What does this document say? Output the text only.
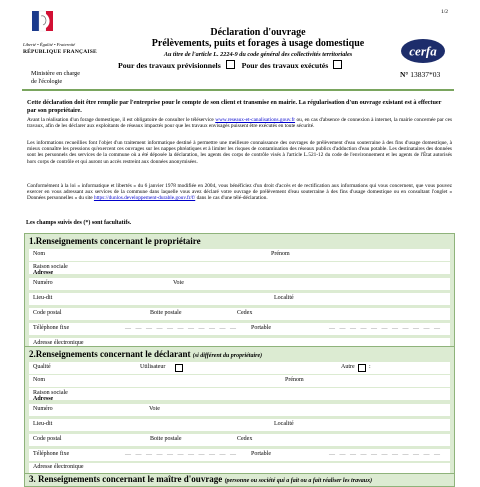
Liberté • Égalité • Fraternité
RÉPUBLIQUE FRANÇAISE
Ministère en charge
de l'écologie
1/2
Déclaration d'ouvrage
Prélèvements, puits et forages à usage domestique
Au titre de l'article L. 2224-9 du code général des collectivités territoriales
Pour des travaux prévisionnels	Pour des travaux exécutés
cerfa
N° 13837*03
Cette déclaration doit être remplie par l'entreprise pour le compte de son client et transmise en mairie. La régularisation d'un ouvrage existant est à effectuer par son propriétaire.
Avant la réalisation d'un forage domestique, il est obligatoire de consulter le téléservice www.reseaux-et-canalisations.gouv.fr ou, en cas d'absence de connexion à internet, la mairie concernée par ces travaux, afin de les déclarer aux exploitants de réseaux impactés pour que les travaux envisagés puissent être exécutés en toute sécurité.
Les informations recueillies font l'objet d'un traitement informatique destiné à permettre une meilleure connaissance des ouvrages de prélèvement d'eau souterraine à des fins d'usage domestique, à mieux connaître les pressions qu'exercent ces ouvrages sur les nappes phréatiques et à limiter les risques de contamination des réseaux publics d'adduction d'eau potable. Les destinataires des données sont les personnels des services de la commune où a été déposée la déclaration, les agents des corps de contrôle visés à l'article L.521-12 du code de l'environnement et les agents de l'État autorisés hors corps de contrôle et qui auront un accès restreint aux données anonymisées.
Conformément à la loi « informatique et libertés » du 6 janvier 1978 modifiée en 2004, vous bénéficiez d'un droit d'accès et de rectification aux informations qui vous concernent, que vous pouvez exercer en vous adressant aux services de la commune dans laquelle vous avez déclaré votre ouvrage de prélèvement d'eau souterraine à des fins d'usage domestique ou en consultant l'onglet « Données personnelles » du site https://dunlos.developpement-durable.gouv.fr/f/ dans le cas d'une télé-déclaration.
Les champs suivis des (*) sont facultatifs.
1.Renseignements concernant le propriétaire
Nom	Prénom
Raison sociale
Adresse
Numéro	Voie
Lieu-dit	Localité
Code postal	Boite postale	Cedex
Téléphone fixe	— — — — — — — — — — — Portable	— — — — — — — — — — —
Adresse électronique
2.Renseignements concernant le déclarant (si différent du propriétaire)
Qualité	Utilisateur	Autre :
Nom	Prénom
Raison sociale
Adresse
Numéro	Voie
Lieu-dit	Localité
Code postal	Boite postale	Cedex
Téléphone fixe	— — — — — — — — — — — Portable	— — — — — — — — — — —
Adresse électronique
3. Renseignements concernant le maître d'ouvrage (personne ou société qui a fait ou a fait réaliser les travaux)
